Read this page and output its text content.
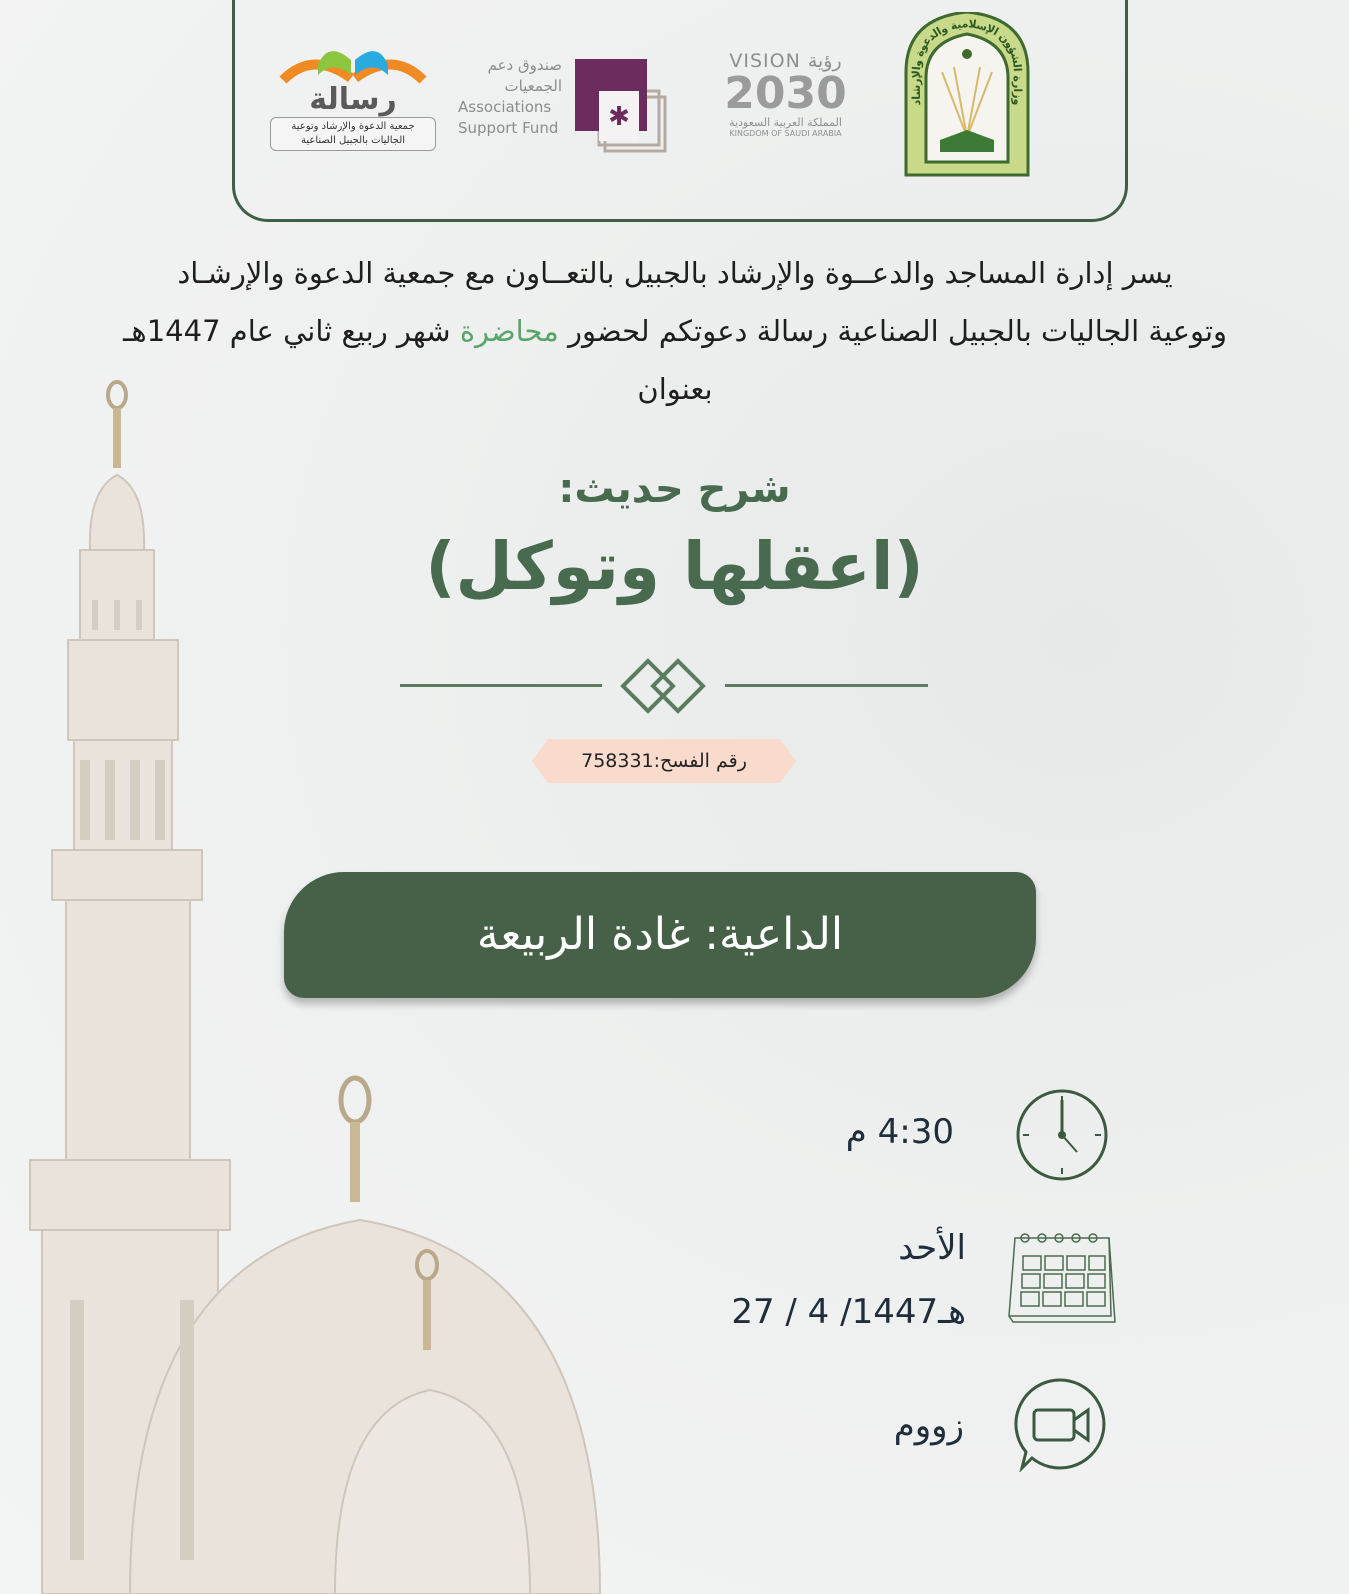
رسالة
جمعية الدعوة والإرشاد وتوعية
الجاليات بالجبيل الصناعية
صندوق دعم
الجمعيات
Associations
Support Fund ✱
VISION رؤية
2030
المملكة العربية السعودية
KINGDOM OF SAUDI ARABIA
وزارة الشؤون الإسلامية والدعوة والإرشاد
يسر إدارة المساجد والدعــوة والإرشاد بالجبيل بالتعــاون مع جمعية الدعوة والإرشـاد
وتوعية الجاليات بالجبيل الصناعية رسالة دعوتكم لحضور محاضرة شهر ربيع ثاني عام 1447هـ
بعنوان
شرح حديث:
(اعقلها وتوكل)
رقم الفسح:758331
الداعية: غادة الربيعة
4:30 م
الأحد
27 / 4 /1447هـ
زووم
